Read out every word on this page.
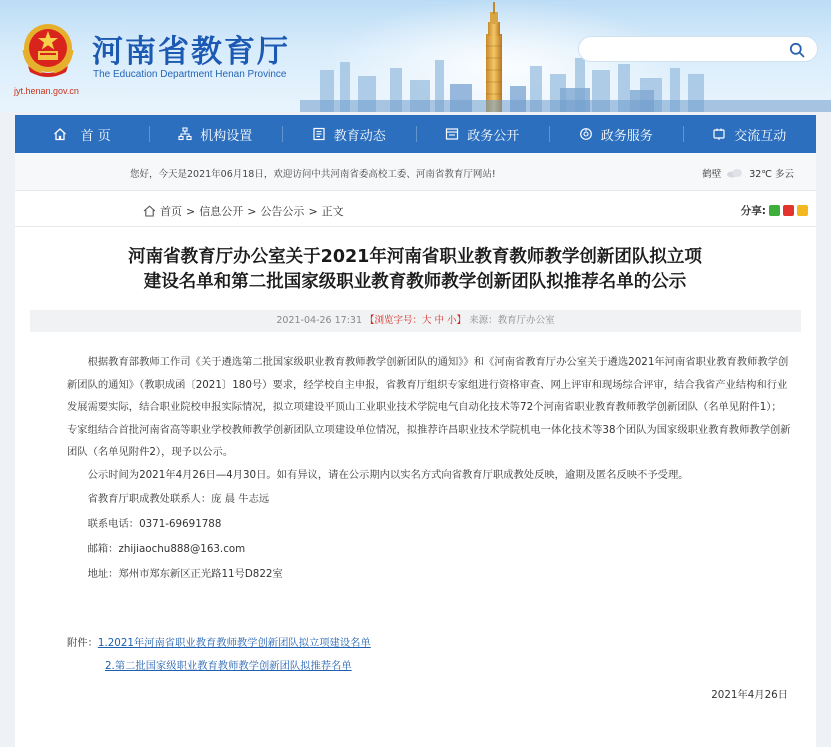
河南省教育厅
The Education Department Henan Province
jyt.henan.gov.cn
首 页	机构设置	教育动态	政务公开	政务服务	交流互动
您好，今天是2021年06月18日，欢迎访问中共河南省委高校工委、河南省教育厅网站!	鹤壁	32℃ 多云
首页 > 信息公开 > 公告公示 > 正文	分享:
河南省教育厅办公室关于2021年河南省职业教育教师教学创新团队拟立项
建设名单和第二批国家级职业教育教师教学创新团队拟推荐名单的公示
2021-04-26 17:31 【浏览字号：大 中 小】 来源：教育厅办公室

根据教育部教师工作司《关于遴选第二批国家级职业教育教师教学创新团队的通知》》和《河南省教育厅办公室关于遴选2021年河南省职业教育教师教学创新团队的通知》（教职成函〔2021〕180号）要求，经学校自主申报，省教育厅组织专家组进行资格审查、网上评审和现场综合评审，结合我省产业结构和行业发展需要实际，结合职业院校申报实际情况，拟立项建设平顶山工业职业技术学院电气自动化技术等72个河南省职业教育教师教学创新团队（名单见附件1）；专家组结合首批河南省高等职业学校教师教学创新团队立项建设单位情况，拟推荐许昌职业技术学院机电一体化技术等38个团队为国家级职业教育教师教学创新团队（名单见附件2），现予以公示。

公示时间为2021年4月26日—4月30日。如有异议，请在公示期内以实名方式向省教育厅职成教处反映，逾期及匿名反映不予受理。

省教育厅职成教处联系人：庞 晨 牛志远

联系电话：0371-69691788

邮箱：zhijiaochu888@163.com

地址：郑州市郑东新区正光路11号D822室

附件：1.2021年河南省职业教育教师教学创新团队拟立项建设名单
2.第二批国家级职业教育教师教学创新团队拟推荐名单
2021年4月26日
